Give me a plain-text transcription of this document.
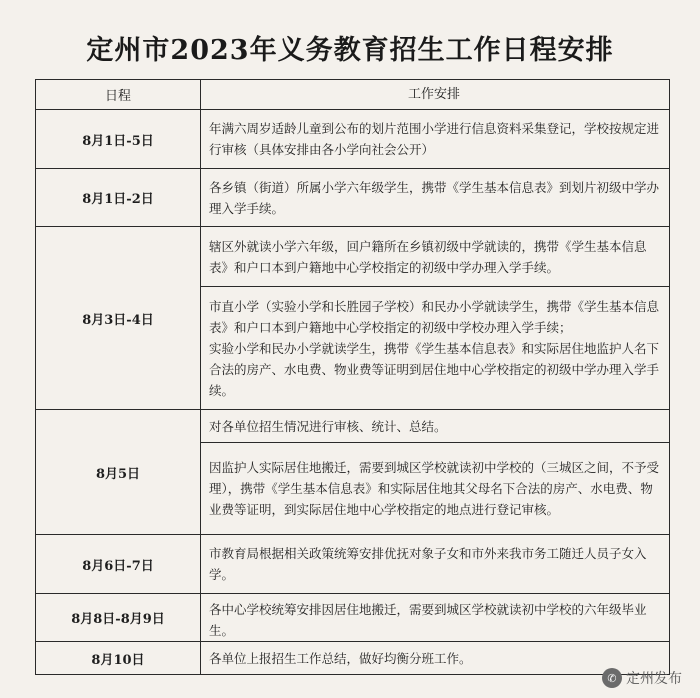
定州市2023年义务教育招生工作日程安排
日程	工作安排
8月1日-5日
年满六周岁适龄儿童到公布的划片范围小学进行信息资料采集登记，学校按规定进行审核（具体安排由各小学向社会公开）
8月1日-2日
各乡镇（街道）所属小学六年级学生，携带《学生基本信息表》到划片初级中学办理入学手续。
8月3日-4日
辖区外就读小学六年级，回户籍所在乡镇初级中学就读的，携带《学生基本信息表》和户口本到户籍地中心学校指定的初级中学办理入学手续。
市直小学（实验小学和长胜园子学校）和民办小学就读学生，携带《学生基本信息表》和户口本到户籍地中心学校指定的初级中学校办理入学手续；
实验小学和民办小学就读学生，携带《学生基本信息表》和实际居住地监护人名下合法的房产、水电费、物业费等证明到居住地中心学校指定的初级中学办理入学手续。
8月5日
对各单位招生情况进行审核、统计、总结。
因监护人实际居住地搬迁，需要到城区学校就读初中学校的（三城区之间，不予受理），携带《学生基本信息表》和实际居住地其父母名下合法的房产、水电费、物业费等证明，到实际居住地中心学校指定的地点进行登记审核。
8月6日-7日
市教育局根据相关政策统筹安排优抚对象子女和市外来我市务工随迁人员子女入学。
8月8日-8月9日
各中心学校统筹安排因居住地搬迁，需要到城区学校就读初中学校的六年级毕业生。
8月10日	各单位上报招生工作总结，做好均衡分班工作。
✆ 定州发布
